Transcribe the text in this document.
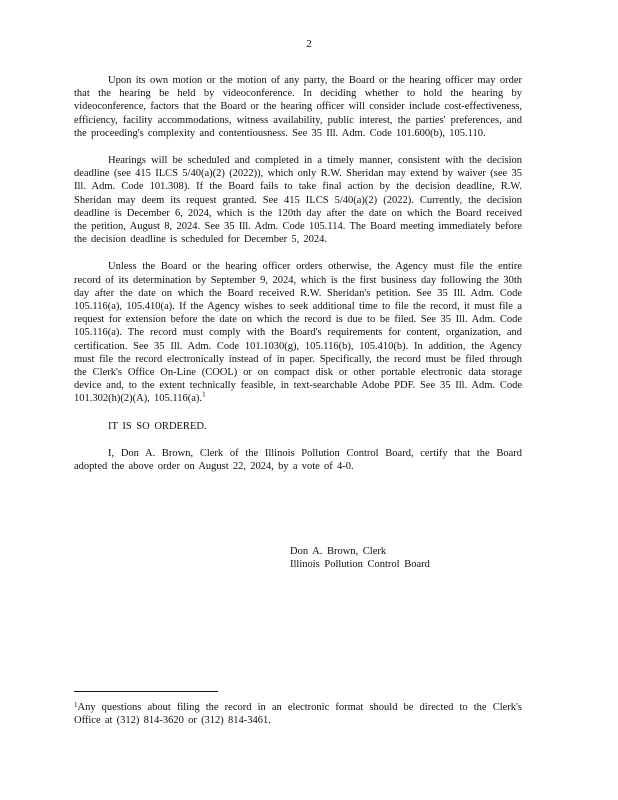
2

Upon its own motion or the motion of any party, the Board or the hearing officer may order that the hearing be held by videoconference. In deciding whether to hold the hearing by videoconference, factors that the Board or the hearing officer will consider include cost-effectiveness, efficiency, facility accommodations, witness availability, public interest, the parties' preferences, and the proceeding's complexity and contentiousness. See 35 Ill. Adm. Code 101.600(b), 105.110.

Hearings will be scheduled and completed in a timely manner, consistent with the decision deadline (see 415 ILCS 5/40(a)(2) (2022)), which only R.W. Sheridan may extend by waiver (see 35 Ill. Adm. Code 101.308). If the Board fails to take final action by the decision deadline, R.W. Sheridan may deem its request granted. See 415 ILCS 5/40(a)(2) (2022). Currently, the decision deadline is December 6, 2024, which is the 120th day after the date on which the Board received the petition, August 8, 2024. See 35 Ill. Adm. Code 105.114. The Board meeting immediately before the decision deadline is scheduled for December 5, 2024.

Unless the Board or the hearing officer orders otherwise, the Agency must file the entire record of its determination by September 9, 2024, which is the first business day following the 30th day after the date on which the Board received R.W. Sheridan's petition. See 35 Ill. Adm. Code 105.116(a), 105.410(a). If the Agency wishes to seek additional time to file the record, it must file a request for extension before the date on which the record is due to be filed. See 35 Ill. Adm. Code 105.116(a). The record must comply with the Board's requirements for content, organization, and certification. See 35 Ill. Adm. Code 101.1030(g), 105.116(b), 105.410(b). In addition, the Agency must file the record electronically instead of in paper. Specifically, the record must be filed through the Clerk's Office On-Line (COOL) or on compact disk or other portable electronic data storage device and, to the extent technically feasible, in text-searchable Adobe PDF. See 35 Ill. Adm. Code 101.302(h)(2)(A), 105.116(a).$^1$

IT IS SO ORDERED.

I, Don A. Brown, Clerk of the Illinois Pollution Control Board, certify that the Board adopted the above order on August 22, 2024, by a vote of 4-0.

Don A. Brown, Clerk
Illinois Pollution Control Board
$^1$Any questions about filing the record in an electronic format should be directed to the Clerk's Office at (312) 814-3620 or (312) 814-3461.
